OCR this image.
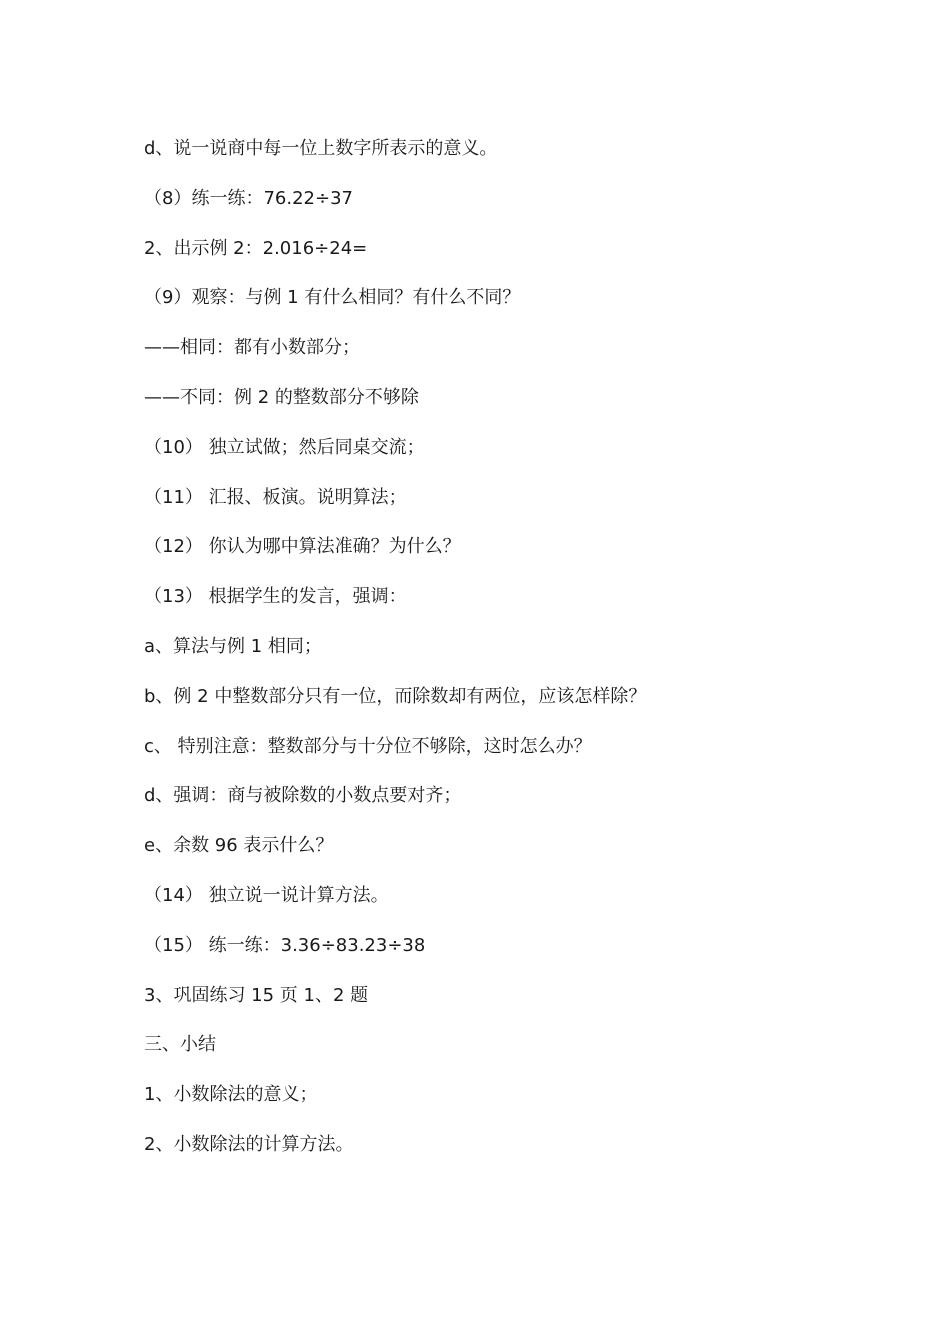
d、说一说商中每一位上数字所表示的意义。
（8）练一练：76.22÷37
2、出示例 2：2.016÷24=
（9）观察：与例 1 有什么相同？有什么不同？
——相同：都有小数部分；
——不同：例 2 的整数部分不够除
（10） 独立试做；然后同桌交流；
（11） 汇报、板演。说明算法；
（12） 你认为哪中算法准确？为什么？
（13） 根据学生的发言，强调：
a、算法与例 1 相同；
b、例 2 中整数部分只有一位，而除数却有两位，应该怎样除？
c、 特别注意：整数部分与十分位不够除，这时怎么办？
d、强调：商与被除数的小数点要对齐；
e、余数 96 表示什么？
（14） 独立说一说计算方法。
（15） 练一练：3.36÷83.23÷38
3、巩固练习 15 页 1、2 题
三、小结
1、小数除法的意义；
2、小数除法的计算方法。
